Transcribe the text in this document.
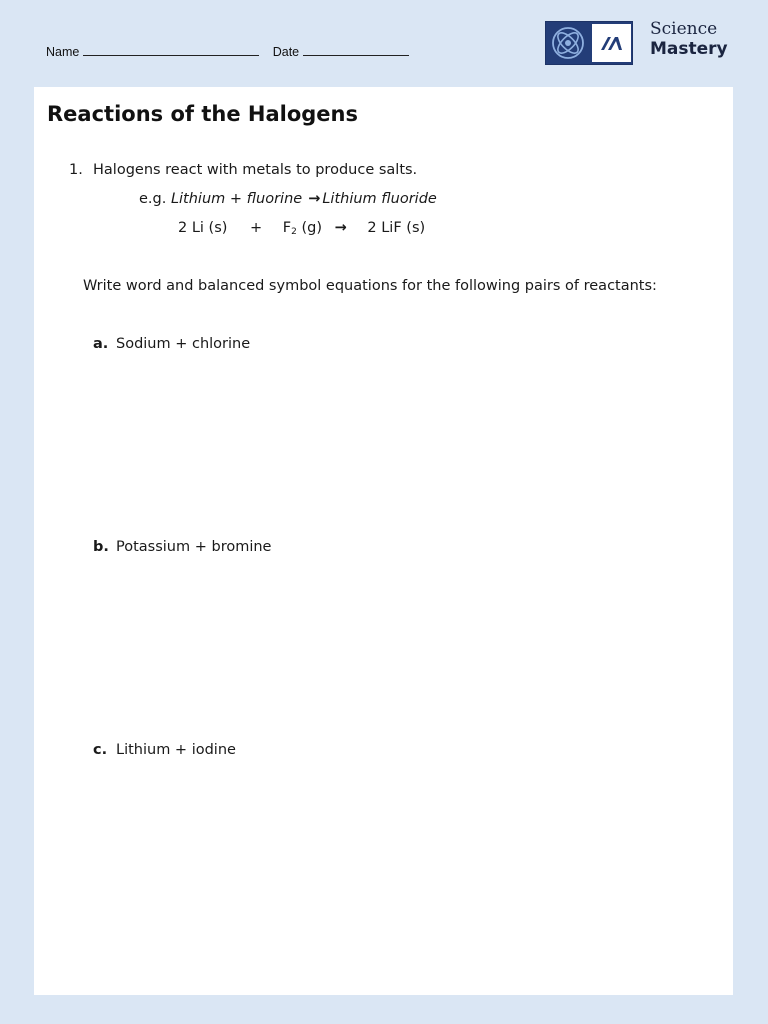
Name	Date
Science
Mastery
Reactions of the Halogens
1. Halogens react with metals to produce salts.
e.g. Lithium + fluorine → Lithium fluoride
2 Li (s) + F2 (g) → 2 LiF (s)
Write word and balanced symbol equations for the following pairs of reactants:
a. Sodium + chlorine
b. Potassium + bromine
c. Lithium + iodine
